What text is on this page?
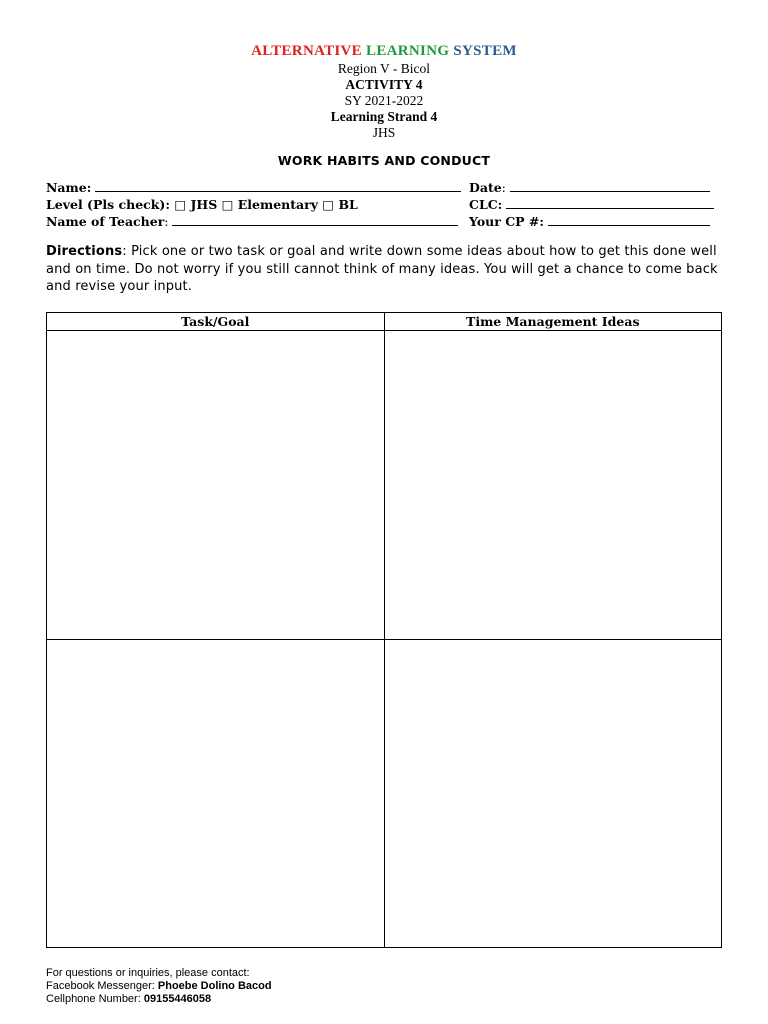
ALTERNATIVE LEARNING SYSTEM
Region V - Bicol
ACTIVITY 4
SY 2021-2022
Learning Strand 4
JHS
WORK HABITS AND CONDUCT
Name:	Date:
Level (Pls check): □ JHS □ Elementary □ BL	CLC:
Name of Teacher:	Your CP #:
Directions: Pick one or two task or goal and write down some ideas about how to get this done well and on time. Do not worry if you still cannot think of many ideas. You will get a chance to come back and revise your input.
Task/Goal	Time Management Ideas

For questions or inquiries, please contact:
Facebook Messenger: Phoebe Dolino Bacod
Cellphone Number: 09155446058
